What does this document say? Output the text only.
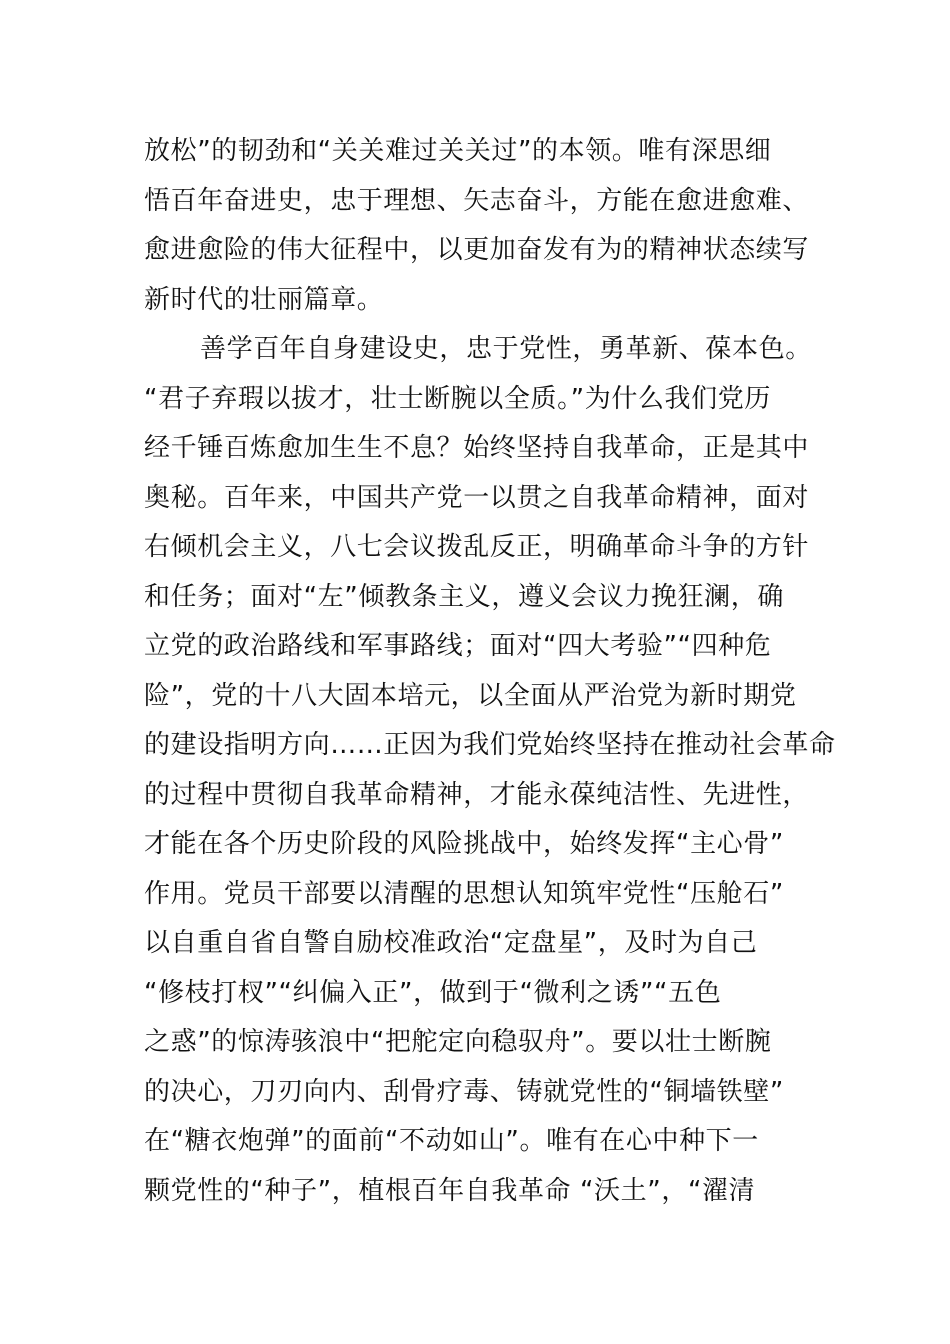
放松”的韧劲和“关关难过关关过”的本领。唯有深思细
悟百年奋进史，忠于理想、矢志奋斗，方能在愈进愈难、
愈进愈险的伟大征程中，以更加奋发有为的精神状态续写
新时代的壮丽篇章。
善学百年自身建设史，忠于党性，勇革新、葆本色。
“君子弃瑕以拔才，壮士断腕以全质。”为什么我们党历
经千锤百炼愈加生生不息？始终坚持自我革命，正是其中
奥秘。百年来，中国共产党一以贯之自我革命精神，面对
右倾机会主义，八七会议拨乱反正，明确革命斗争的方针
和任务；面对“左”倾教条主义，遵义会议力挽狂澜，确
立党的政治路线和军事路线；面对“四大考验”“四种危
险”，党的十八大固本培元，以全面从严治党为新时期党
的建设指明方向……正因为我们党始终坚持在推动社会革命
的过程中贯彻自我革命精神，才能永葆纯洁性、先进性，
才能在各个历史阶段的风险挑战中，始终发挥“主心骨”
作用。党员干部要以清醒的思想认知筑牢党性“压舱石”
以自重自省自警自励校准政治“定盘星”，及时为自己
“修枝打杈”“纠偏入正”，做到于“微利之诱”“五色
之惑”的惊涛骇浪中“把舵定向稳驭舟”。要以壮士断腕
的决心，刀刃向内、刮骨疗毒、铸就党性的“铜墙铁壁”
在“糖衣炮弹”的面前“不动如山”。唯有在心中种下一
颗党性的“种子”，植根百年自我革命 “沃土”，“濯清
